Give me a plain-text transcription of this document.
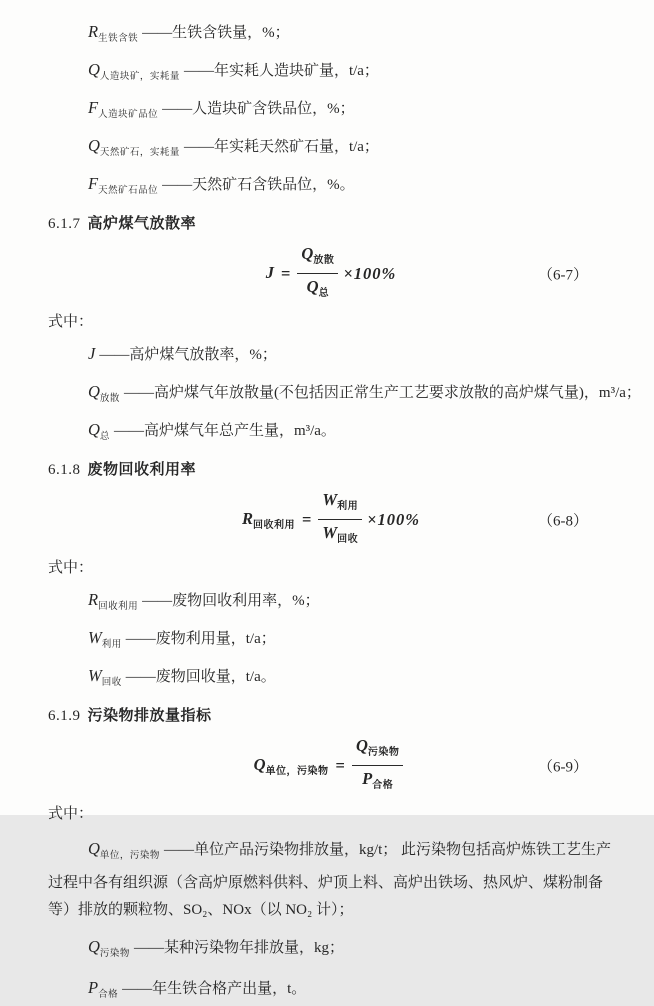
$R_{生铁含铁}$ ——生铁含铁量，%；
$Q_{人造块矿,实耗量}$ ——年实耗人造块矿量，t/a；
$F_{人造块矿品位}$ ——人造块矿含铁品位，%；
$Q_{天然矿石,实耗量}$ ——年实耗天然矿石量，t/a；
$F_{天然矿石品位}$ ——天然矿石含铁品位，%。
6.1.7 高炉煤气放散率
$J = \frac{Q_{放散}}{Q_总} \times 100\%$	（6-7）
式中：
J ——高炉煤气放散率，%；
$Q_{放散}$ ——高炉煤气年放散量(不包括因正常生产工艺要求放散的高炉煤气量)，m³/a；
$Q_总$ ——高炉煤气年总产生量，m³/a。
6.1.8 废物回收利用率
$R_{回收利用} = \frac{W_{利用}}{W_{回收}} \times 100\%$	（6-8）
式中：
$R_{回收利用}$ ——废物回收利用率，%；
$W_{利用}$ ——废物利用量，t/a；
$W_{回收}$ ——废物回收量，t/a。
6.1.9 污染物排放量指标
$Q_{单位,污染物} = \frac{Q_{污染物}}{P_{合格}}$	（6-9）
式中：

$Q_{单位,污染物}$ ——单位产品污染物排放量，kg/t； 此污染物包括高炉炼铁工艺生产过程中各有组织源（含高炉原燃料供料、炉顶上料、高炉出铁场、热风炉、煤粉制备等）排放的颗粒物、SO₂、NOx（以 NO₂ 计）；

$Q_{污染物}$ ——某种污染物年排放量，kg；
$P_{合格}$ ——年生铁合格产出量，t。
